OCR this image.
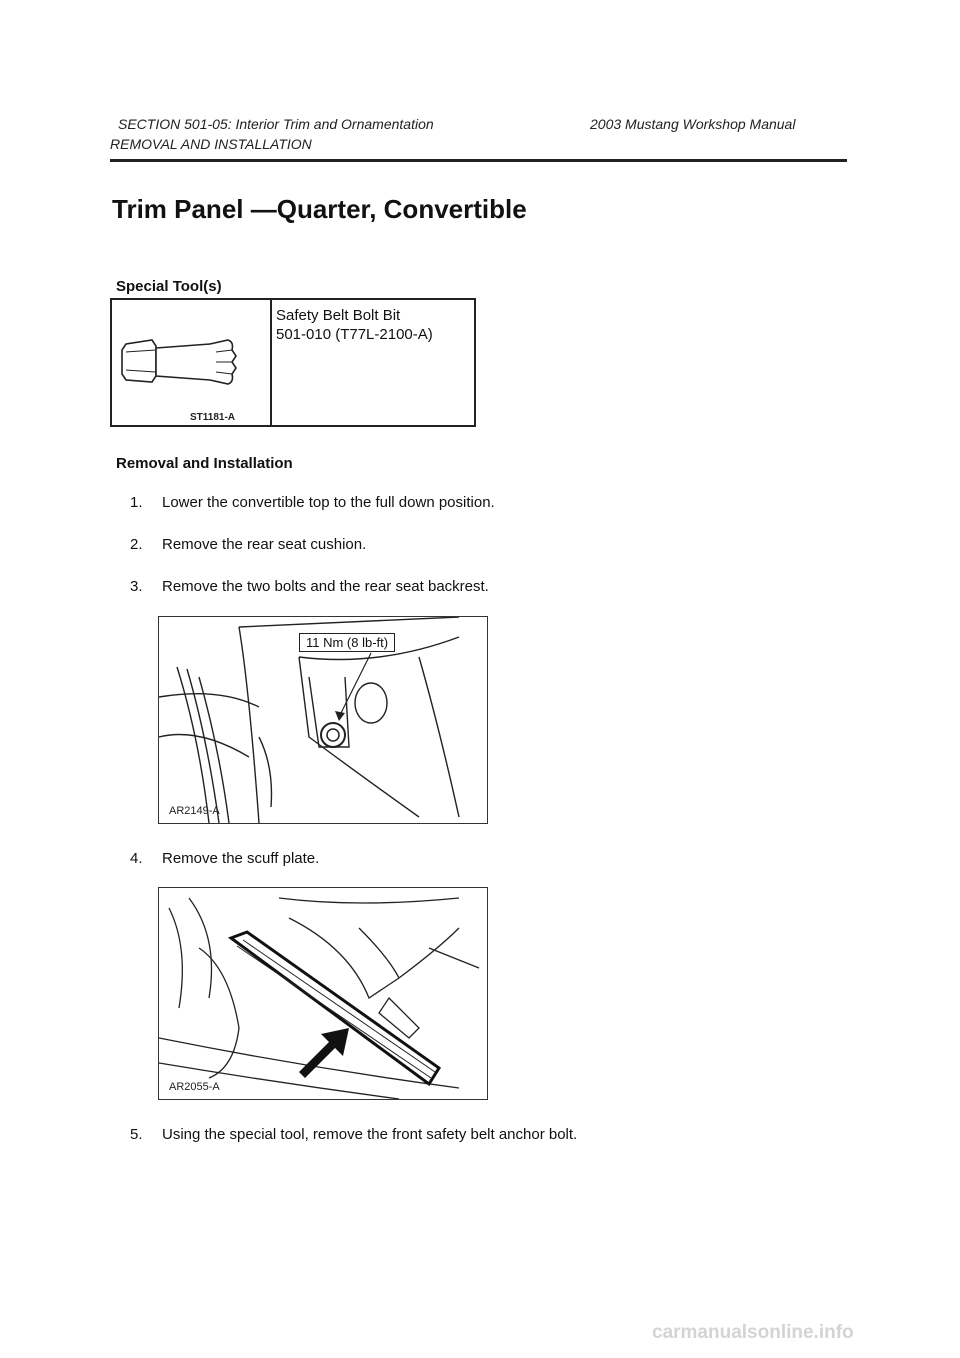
SECTION 501-05: Interior Trim and Ornamentation	2003 Mustang Workshop Manual
REMOVAL AND INSTALLATION
Trim Panel —Quarter, Convertible
Special Tool(s)
ST1181-A
Safety Belt Bolt Bit
501-010 (T77L-2100-A)
Removal and Installation
1. Lower the convertible top to the full down position.
2. Remove the rear seat cushion.
3. Remove the two bolts and the rear seat backrest.
11 Nm (8 lb-ft)
AR2149-A
4. Remove the scuff plate.
AR2055-A
5. Using the special tool, remove the front safety belt anchor bolt.
carmanualsonline.info
